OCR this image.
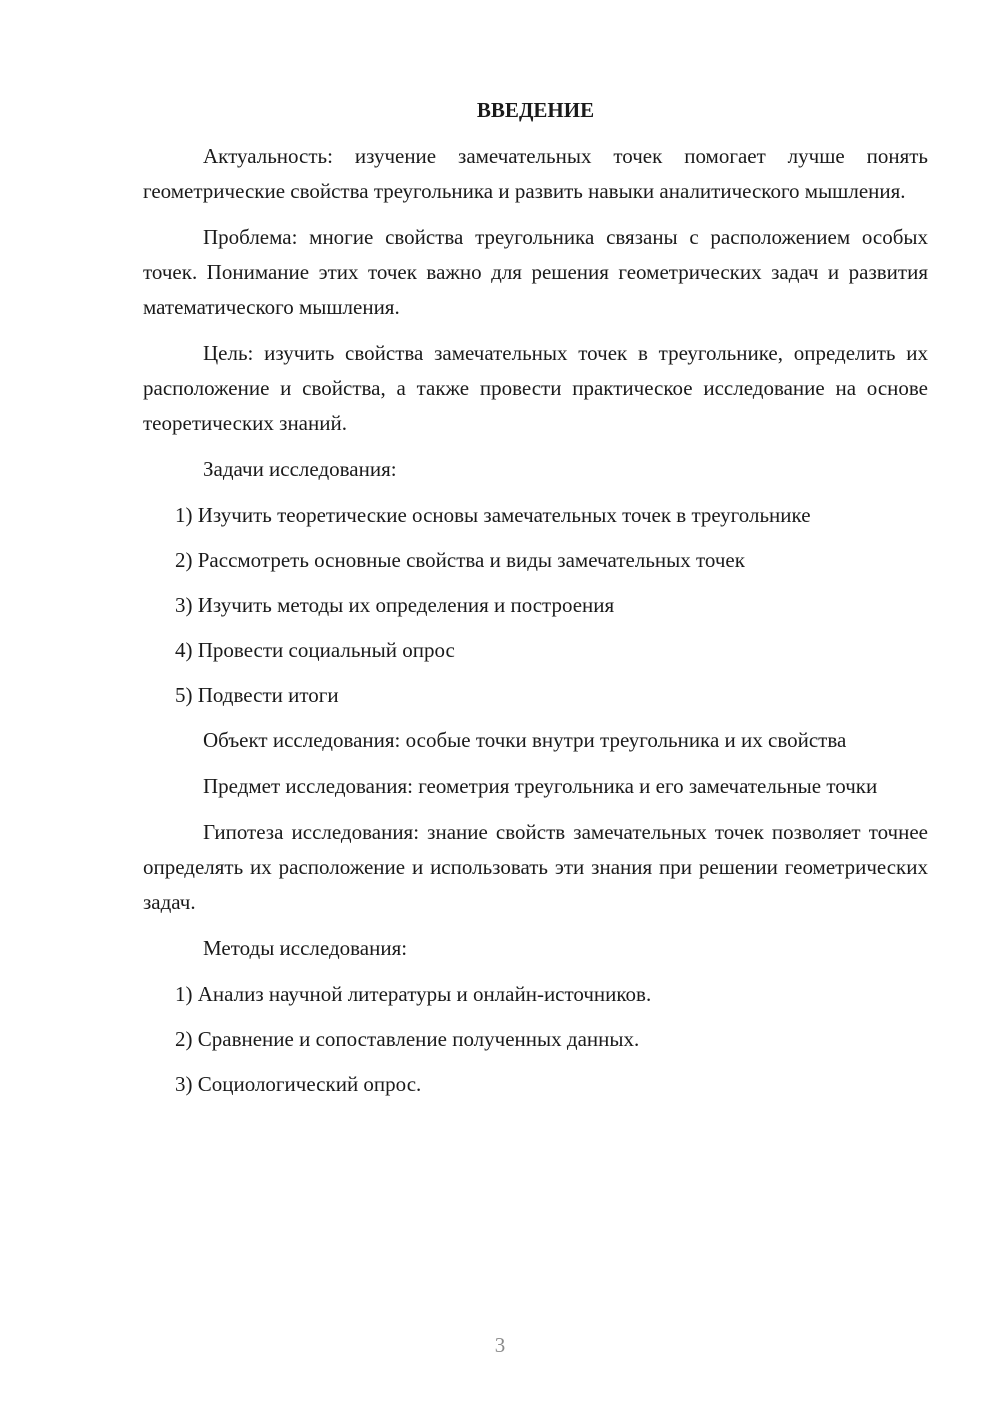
ВВЕДЕНИЕ

Актуальность: изучение замечательных точек помогает лучше понять геометрические свойства треугольника и развить навыки аналитического мышления.

Проблема: многие свойства треугольника связаны с расположением особых точек. Понимание этих точек важно для решения геометрических задач и развития математического мышления.

Цель: изучить свойства замечательных точек в треугольнике, определить их расположение и свойства, а также провести практическое исследование на основе теоретических знаний.

Задачи исследования:

1) Изучить теоретические основы замечательных точек в треугольнике
2) Рассмотреть основные свойства и виды замечательных точек
3) Изучить методы их определения и построения
4) Провести социальный опрос
5) Подвести итоги

Объект исследования: особые точки внутри треугольника и их свойства

Предмет исследования: геометрия треугольника и его замечательные точки

Гипотеза исследования: знание свойств замечательных точек позволяет точнее определять их расположение и использовать эти знания при решении геометрических задач.

Методы исследования:

1) Анализ научной литературы и онлайн-источников.
2) Сравнение и сопоставление полученных данных.
3) Социологический опрос.
3
